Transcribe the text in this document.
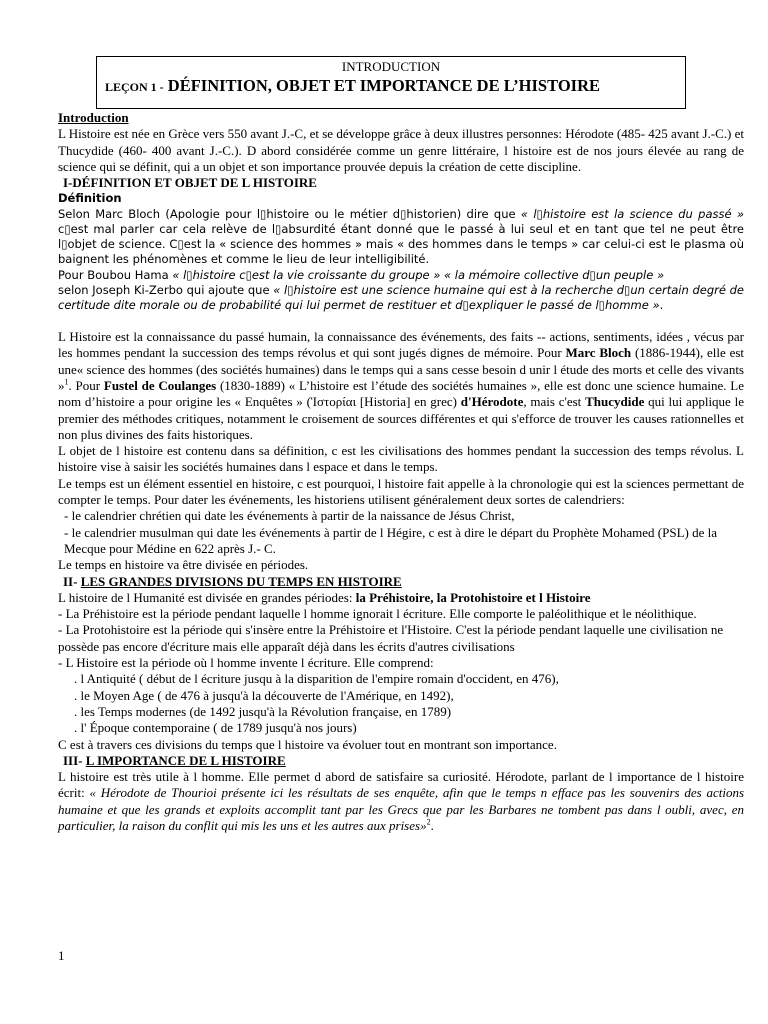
INTRODUCTION
LEÇON 1 - DÉFINITION, OBJET ET IMPORTANCE DE L’HISTOIRE

Introduction

L Histoire est née en Grèce vers 550 avant J.-C, et se développe grâce à deux illustres personnes: Hérodote (485- 425 avant J.-C.) et Thucydide (460- 400 avant J.-C.). D abord considérée comme un genre littéraire, l histoire est de nos jours élevée au rang de science qui se définit, qui a un objet et son importance prouvée depuis la création de cette discipline.

I-DÉFINITION ET OBJET DE L HISTOIRE

Définition

Selon Marc Bloch (Apologie pour l▯histoire ou le métier d▯historien) dire que « l▯histoire est la science du passé » c▯est mal parler car cela relève de l▯absurdité étant donné que le passé à lui seul et en tant que tel ne peut être l▯objet de science. C▯est la « science des hommes » mais « des hommes dans le temps » car celui-ci est le plasma où baignent les phénomènes et comme le lieu de leur intelligibilité.

Pour Boubou Hama « l▯histoire c▯est la vie croissante du groupe » « la mémoire collective d▯un peuple »

selon Joseph Ki-Zerbo qui ajoute que « l▯histoire est une science humaine qui est à la recherche d▯un certain degré de certitude dite morale ou de probabilité qui lui permet de restituer et d▯expliquer le passé de l▯homme ».

L Histoire est la connaissance du passé humain, la connaissance des événements, des faits -- actions, sentiments, idées , vécus par les hommes pendant la succession des temps révolus et qui sont jugés dignes de mémoire. Pour Marc Bloch (1886-1944), elle est une« science des hommes (des sociétés humaines) dans le temps qui a sans cesse besoin d unir l étude des morts et celle des vivants »$^1$. Pour Fustel de Coulanges (1830-1889) « L’histoire est l’étude des sociétés humaines », elle est donc une science humaine. Le nom d’histoire a pour origine les « Enquêtes » (Ἱστορίαι [Historia] en grec) d'Hérodote, mais c'est Thucydide qui lui applique le premier des méthodes critiques, notamment le croisement de sources différentes et qui s'efforce de trouver les causes rationnelles et non plus divines des faits historiques.

L objet de l histoire est contenu dans sa définition, c est les civilisations des hommes pendant la succession des temps révolus. L histoire vise à saisir les sociétés humaines dans l espace et dans le temps.

Le temps est un élément essentiel en histoire, c est pourquoi, l histoire fait appelle à la chronologie qui est la sciences permettant de compter le temps. Pour dater les événements, les historiens utilisent généralement deux sortes de calendriers:

- le calendrier chrétien qui date les événements à partir de la naissance de Jésus Christ,

- le calendrier musulman qui date les événements à partir de l Hégire, c est à dire le départ du Prophète Mohamed (PSL) de la Mecque pour Médine en 622 après J.- C.

Le temps en histoire va être divisée en périodes.

II- LES GRANDES DIVISIONS DU TEMPS EN HISTOIRE

L histoire de l Humanité est divisée en grandes périodes: la Préhistoire, la Protohistoire et l Histoire

- La Préhistoire est la période pendant laquelle l homme ignorait l écriture. Elle comporte le paléolithique et le néolithique.

- La Protohistoire est la période qui s'insère entre la Préhistoire et l'Histoire. C'est la période pendant laquelle une civilisation ne possède pas encore d'écriture mais elle apparaît déjà dans les écrits d'autres civilisations

- L Histoire est la période où l homme invente l écriture. Elle comprend:

. l Antiquité ( début de l écriture jusqu à la disparition de l'empire romain d'occident, en 476),

. le Moyen Age ( de 476 à jusqu'à la découverte de l'Amérique, en 1492),

. les Temps modernes (de 1492 jusqu'à la Révolution française, en 1789)

. l' Époque contemporaine ( de 1789 jusqu'à nos jours)

C est à travers ces divisions du temps que l histoire va évoluer tout en montrant son importance.

III- L IMPORTANCE DE L HISTOIRE

L histoire est très utile à l homme. Elle permet d abord de satisfaire sa curiosité. Hérodote, parlant de l importance de l histoire écrit: « Hérodote de Thourioi présente ici les résultats de ses enquête, afin que le temps n efface pas les souvenirs des actions humaine et que les grands et exploits accomplit tant par les Grecs que par les Barbares ne tombent pas dans l oubli, avec, en particulier, la raison du conflit qui mis les uns et les autres aux prises»$^2$.

1
